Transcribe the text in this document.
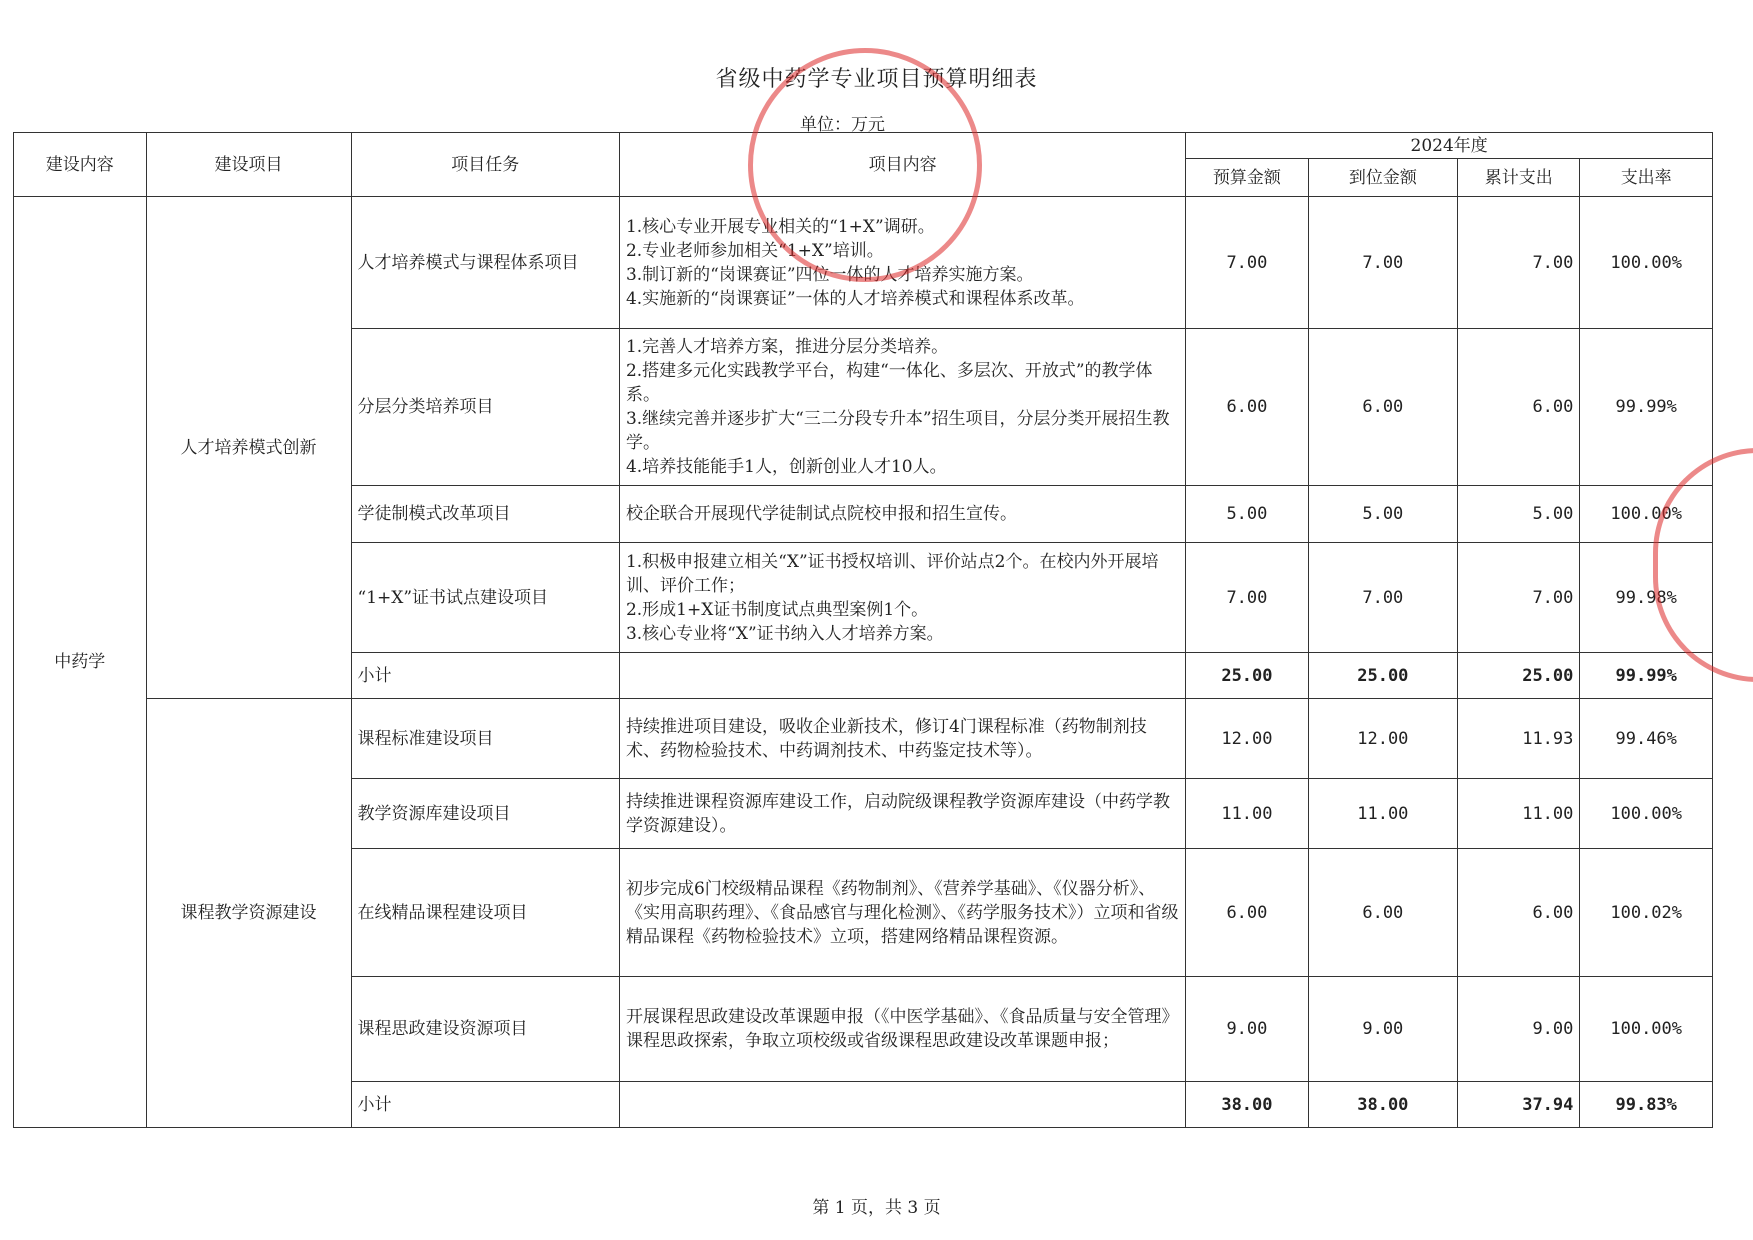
省级中药学专业项目预算明细表
单位：万元
建设内容	建设项目	项目任务	项目内容	2024年度			
				预算金额	到位金额	累计支出	支出率
中药学	人才培养模式创新	人才培养模式与课程体系项目	1.核心专业开展专业相关的“1+X”调研。
2.专业老师参加相关“1+X”培训。
3.制订新的“岗课赛证”四位一体的人才培养实施方案。
4.实施新的“岗课赛证”一体的人才培养模式和课程体系改革。	7.00	7.00	7.00	100.00%
		分层分类培养项目	1.完善人才培养方案，推进分层分类培养。
2.搭建多元化实践教学平台，构建“一体化、多层次、开放式”的教学体系。
3.继续完善并逐步扩大“三二分段专升本”招生项目，分层分类开展招生教学。
4.培养技能能手1人，创新创业人才10人。	6.00	6.00	6.00	99.99%
		学徒制模式改革项目	校企联合开展现代学徒制试点院校申报和招生宣传。	5.00	5.00	5.00	100.00%
		“1+X”证书试点建设项目	1.积极申报建立相关“X”证书授权培训、评价站点2个。在校内外开展培训、评价工作；
2.形成1+X证书制度试点典型案例1个。
3.核心专业将“X”证书纳入人才培养方案。	7.00	7.00	7.00	99.98%
		小计		25.00	25.00	25.00	99.99%
	课程教学资源建设	课程标准建设项目	持续推进项目建设，吸收企业新技术，修订4门课程标准（药物制剂技术、药物检验技术、中药调剂技术、中药鉴定技术等）。	12.00	12.00	11.93	99.46%
		教学资源库建设项目	持续推进课程资源库建设工作，启动院级课程教学资源库建设（中药学教学资源建设）。	11.00	11.00	11.00	100.00%
		在线精品课程建设项目	初步完成6门校级精品课程《药物制剂》、《营养学基础》、《仪器分析》、《实用高职药理》、《食品感官与理化检测》、《药学服务技术》）立项和省级精品课程《药物检验技术》立项，搭建网络精品课程资源。	6.00	6.00	6.00	100.02%
		课程思政建设资源项目	开展课程思政建设改革课题申报（《中医学基础》、《食品质量与安全管理》课程思政探索，争取立项校级或省级课程思政建设改革课题申报；	9.00	9.00	9.00	100.00%
		小计		38.00	38.00	37.94	99.83%
第 1 页，共 3 页
